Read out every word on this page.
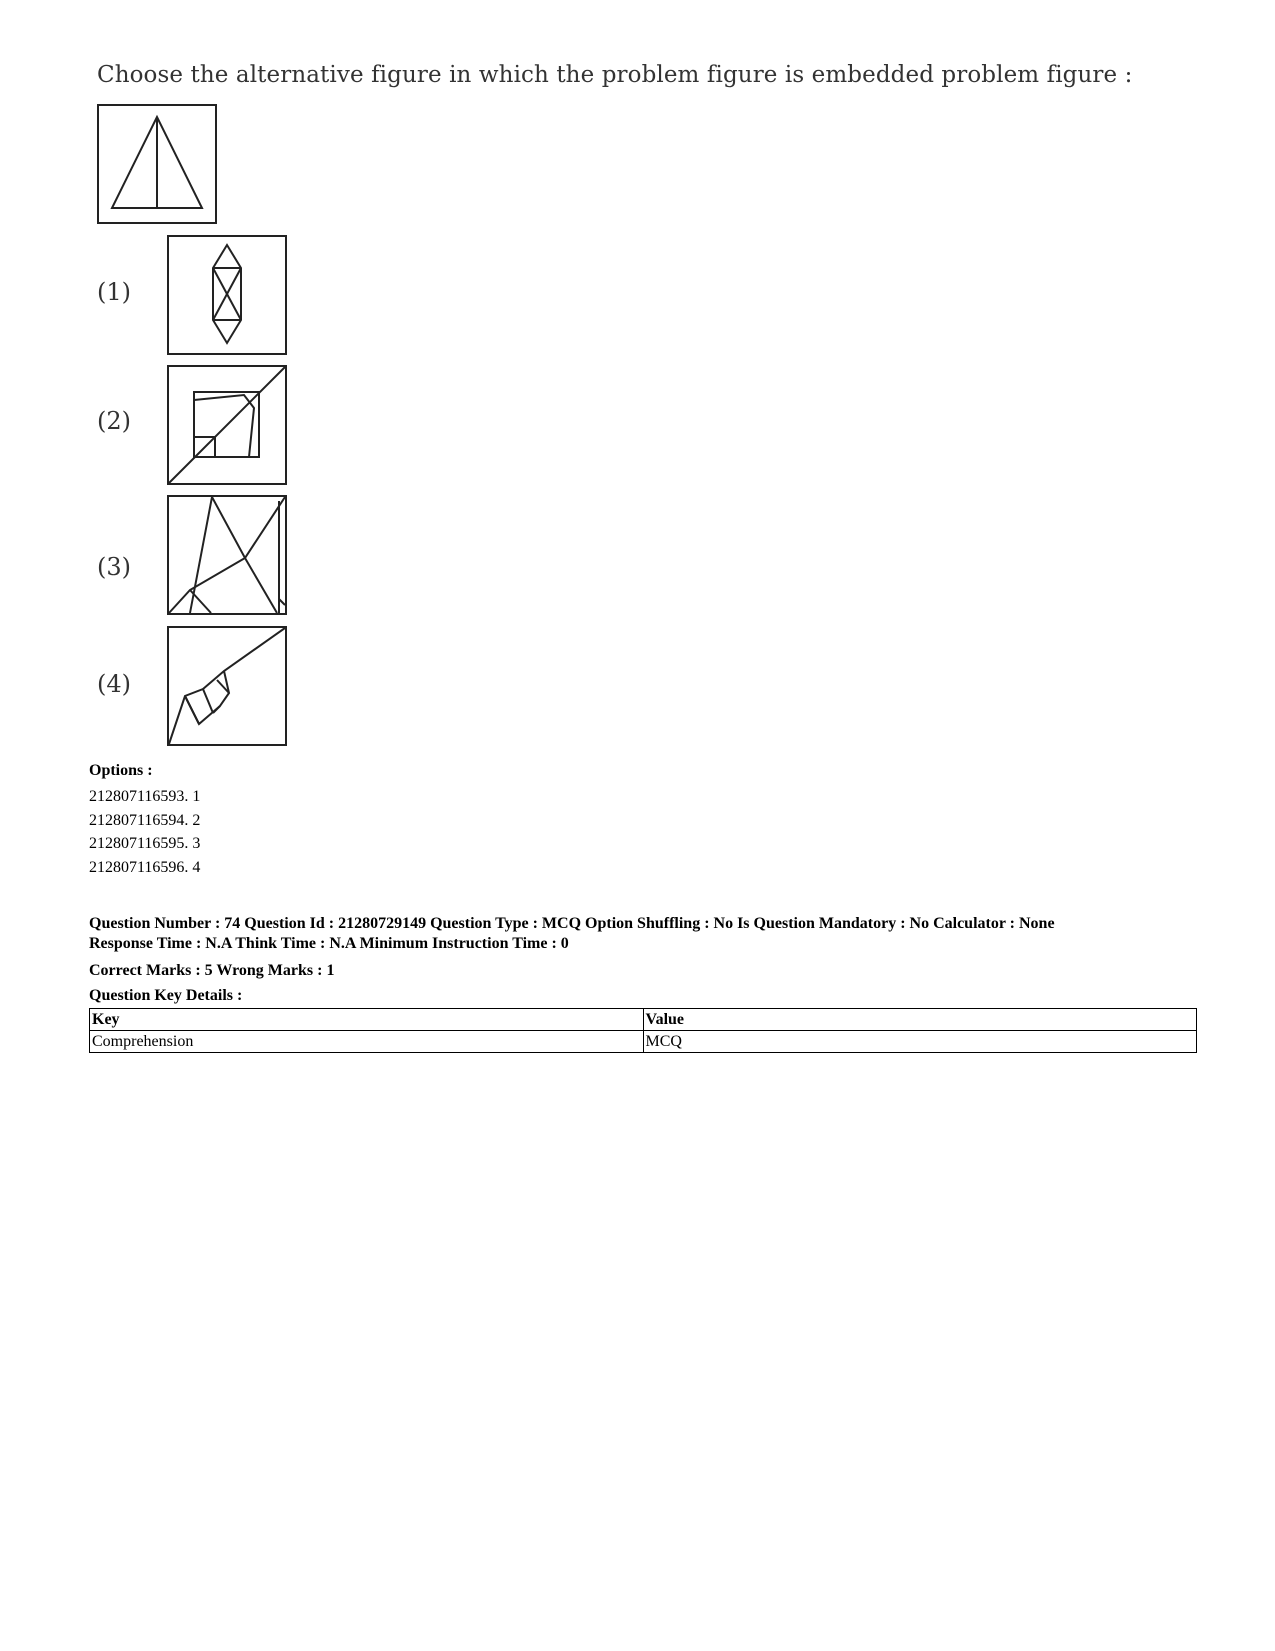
Choose the alternative figure in which the problem figure is embedded problem figure :
(1)
(2)
(3)
(4)
Options :
212807116593. 1
212807116594. 2
212807116595. 3
212807116596. 4
Question Number : 74 Question Id : 21280729149 Question Type : MCQ Option Shuffling : No Is Question Mandatory : No Calculator : None
Response Time : N.A Think Time : N.A Minimum Instruction Time : 0
Correct Marks : 5 Wrong Marks : 1
Question Key Details :
Key	Value
Comprehension	MCQ
